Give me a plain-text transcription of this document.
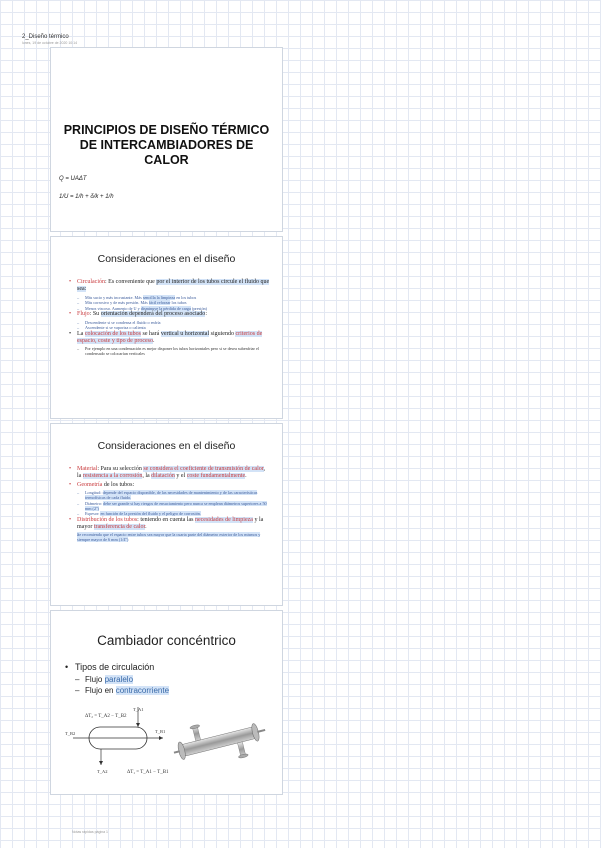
2_Diseño térmico
lunes, 19 de octubre de 2020 10:14
PRINCIPIOS DE DISEÑO TÉRMICO
DE INTERCAMBIADORES DE
CALOR
Q = UAΔT
1/U = 1/h + δ/k + 1/h
Consideraciones en el diseño
• Circulación: Es conveniente que por el interior de los tubos circule el fluido que sea:
– Más sucio y más incrustante. Más sencilla la limpieza en los tubos
– Más corrosivo y de más presión. Más fácil reforzar los tubos
– Menos viscoso. Aumento de U y disminuye la pérdida de carga (presión)
• Flujo: Su orientación dependerá del proceso asociado:
– Descendente si se condensa el fluido o enfría
– Ascendente si se vaporiza o calienta
• La colocación de los tubos se hará vertical u horizontal siguiendo criterios de espacio, coste y tipo de proceso.
– Por ejemplo en una condensación es mejor disponer los tubos horizontales pero si se desea subenfriar el condensado se colocarían verticales
Consideraciones en el diseño
• Material: Para su selección se considera el coeficiente de transmisión de calor, la resistencia a la corrosión, la dilatación y el coste fundamentalmente.
• Geometría de los tubos:
– Longitud: depende del espacio disponible, de las necesidades de mantenimiento y de las características termofísicas de cada fluido.
– Diámetro: debe ser grande si hay riesgos de ensuciamiento pero nunca se emplean diámetros superiores a 50 mm (2'')
– Espesor: en función de la presión del fluido y el peligro de corrosión.
• Distribución de los tubos: teniendo en cuenta las necesidades de limpieza y la mayor transferencia de calor.
– Se recomienda que el espacio entre tubos sea mayor que la cuarta parte del diámetro exterior de los mismos y siempre mayor de 6 mm (1/4'')
Cambiador concéntrico
• Tipos de circulación
– Flujo paralelo
– Flujo en contracorriente
ΔT₂ = T_A2 − T_B2
T_A1
T_B2	T_B1
T_A2	ΔT₁ = T_A1 − T_B1
Notas rápidas página 1
